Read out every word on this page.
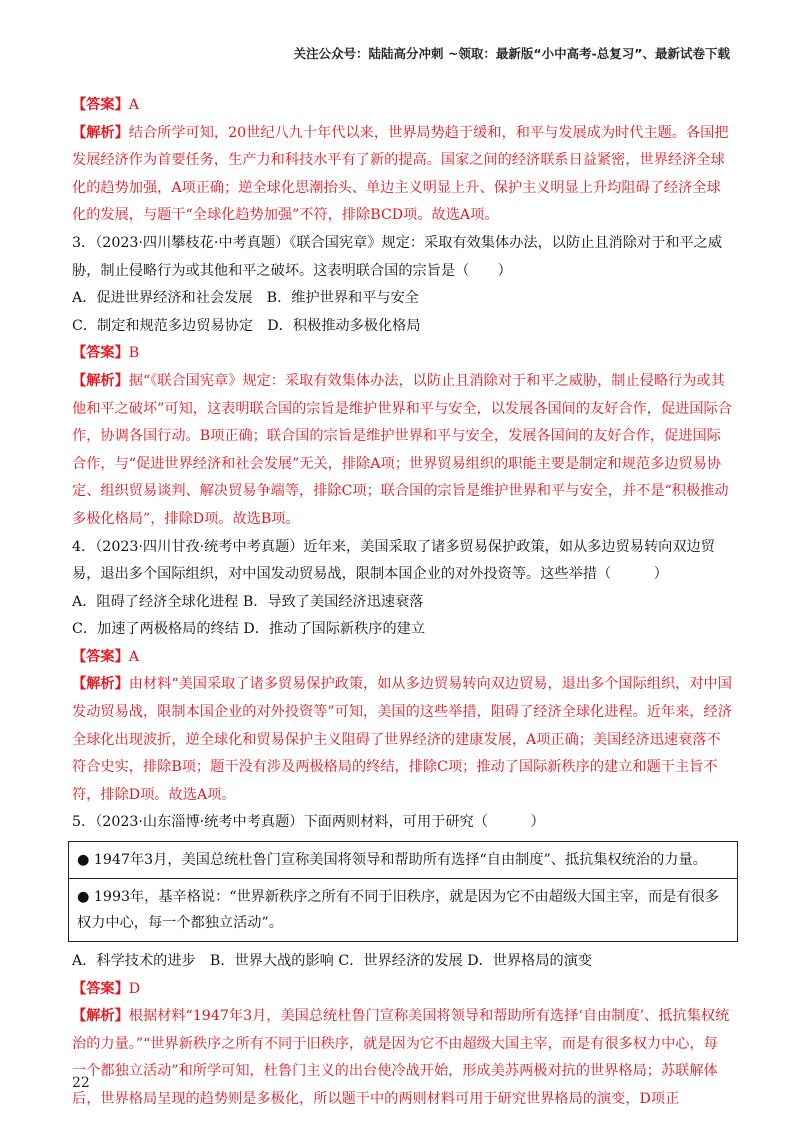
关注公众号：陆陆高分冲刺 ~领取：最新版“小中高考-总复习”、最新试卷下载

【答案】A

【解析】结合所学可知，20世纪八九十年代以来，世界局势趋于缓和，和平与发展成为时代主题。各国把发展经济作为首要任务，生产力和科技水平有了新的提高。国家之间的经济联系日益紧密，世界经济全球化的趋势加强，A项正确；逆全球化思潮抬头、单边主义明显上升、保护主义明显上升均阻碍了经济全球化的发展，与题干“全球化趋势加强”不符，排除BCD项。故选A项。

3．（2023·四川攀枝花·中考真题）《联合国宪章》规定：采取有效集体办法，以防止且消除对于和平之威胁，制止侵略行为或其他和平之破坏。这表明联合国的宗旨是（　　）

A．促进世界经济和社会发展　B．维护世界和平与安全

C．制定和规范多边贸易协定　D．积极推动多极化格局

【答案】B

【解析】据“《联合国宪章》规定：采取有效集体办法，以防止且消除对于和平之威胁，制止侵略行为或其他和平之破坏”可知，这表明联合国的宗旨是维护世界和平与安全，以发展各国间的友好合作，促进国际合作，协调各国行动。B项正确；联合国的宗旨是维护世界和平与安全，发展各国间的友好合作，促进国际合作，与“促进世界经济和社会发展”无关，排除A项；世界贸易组织的职能主要是制定和规范多边贸易协定、组织贸易谈判、解决贸易争端等，排除C项；联合国的宗旨是维护世界和平与安全，并不是“积极推动多极化格局”，排除D项。故选B项。

4．（2023·四川甘孜·统考中考真题）近年来，美国采取了诸多贸易保护政策，如从多边贸易转向双边贸易，退出多个国际组织，对中国发动贸易战，限制本国企业的对外投资等。这些举措（　　　）

A．阻碍了经济全球化进程 B．导致了美国经济迅速衰落

C．加速了两极格局的终结 D．推动了国际新秩序的建立

【答案】A

【解析】由材料“美国采取了诸多贸易保护政策，如从多边贸易转向双边贸易，退出多个国际组织，对中国发动贸易战，限制本国企业的对外投资等”可知，美国的这些举措，阻碍了经济全球化进程。近年来，经济全球化出现波折，逆全球化和贸易保护主义阻碍了世界经济的建康发展，A项正确；美国经济迅速衰落不符合史实，排除B项；题干没有涉及两极格局的终结，排除C项；推动了国际新秩序的建立和题干主旨不符，排除D项。故选A项。

5．（2023·山东淄博·统考中考真题）下面两则材料，可用于研究（　　　）

● 1947年3月，美国总统杜鲁门宣称美国将领导和帮助所有选择“自由制度”、抵抗集权统治的力量。
● 1993年，基辛格说：“世界新秩序之所有不同于旧秩序，就是因为它不由超级大国主宰，而是有很多权力中心，每一个都独立活动”。

A．科学技术的进步　B．世界大战的影响 C．世界经济的发展 D．世界格局的演变

【答案】D

【解析】根据材料“1947年3月，美国总统杜鲁门宣称美国将领导和帮助所有选择‘自由制度’、抵抗集权统治的力量。”“世界新秩序之所有不同于旧秩序，就是因为它不由超级大国主宰，而是有很多权力中心，每一个都独立活动”和所学可知，杜鲁门主义的出台使冷战开始，形成美苏两极对抗的世界格局；苏联解体后，世界格局呈现的趋势则是多极化，所以题干中的两则材料可用于研究世界格局的演变，D项正

22
